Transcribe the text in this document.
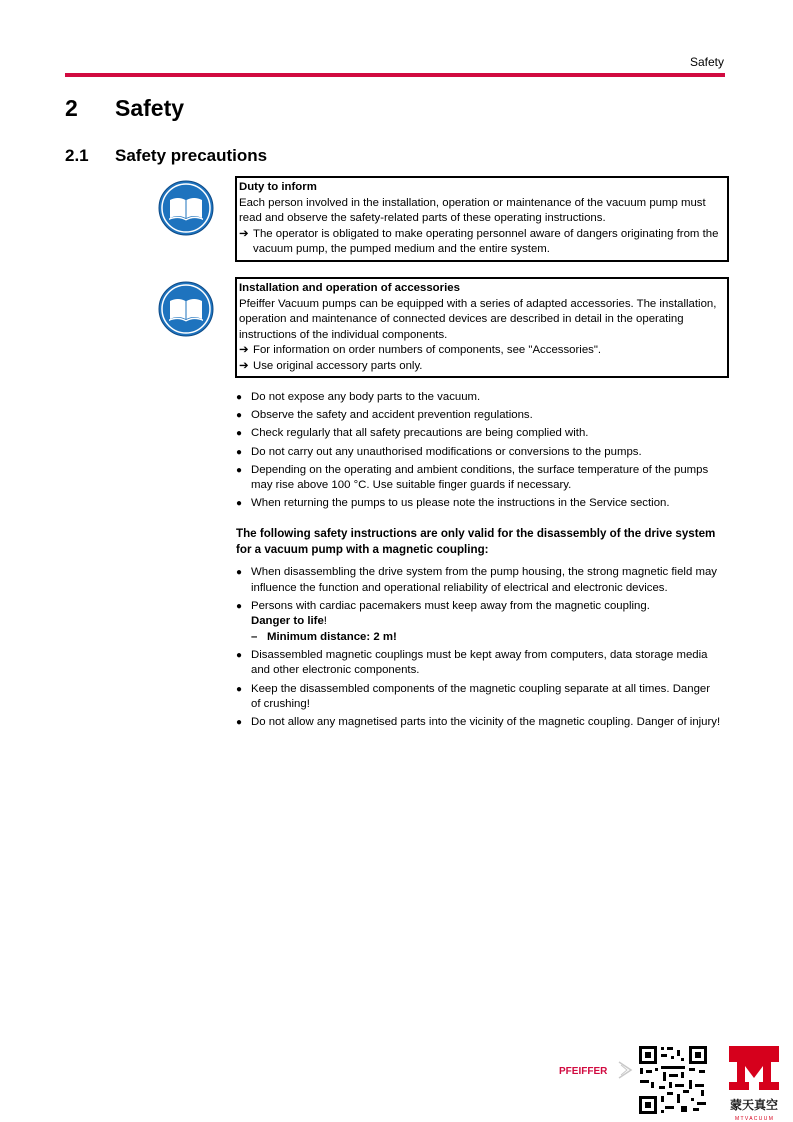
Safety
2 Safety
2.1 Safety precautions
Duty to inform
Each person involved in the installation, operation or maintenance of the vacuum pump must read and observe the safety-related parts of these operating instructions.
➔ The operator is obligated to make operating personnel aware of dangers originating from the vacuum pump, the pumped medium and the entire system.
Installation and operation of accessories
Pfeiffer Vacuum pumps can be equipped with a series of adapted accessories. The installation, operation and maintenance of connected devices are described in detail in the operating instructions of the individual components.
➔ For information on order numbers of components, see "Accessories".
➔ Use original accessory parts only.
● Do not expose any body parts to the vacuum.
● Observe the safety and accident prevention regulations.
● Check regularly that all safety precautions are being complied with.
● Do not carry out any unauthorised modifications or conversions to the pumps.
● Depending on the operating and ambient conditions, the surface temperature of the pumps may rise above 100 °C. Use suitable finger guards if necessary.
● When returning the pumps to us please note the instructions in the Service section.
The following safety instructions are only valid for the disassembly of the drive system for a vacuum pump with a magnetic coupling:
● When disassembling the drive system from the pump housing, the strong magnetic field may influence the function and operational reliability of electrical and electronic devices.
● Persons with cardiac pacemakers must keep away from the magnetic coupling.
Danger to life!
– Minimum distance: 2 m!
● Disassembled magnetic couplings must be kept away from computers, data storage media and other electronic components.
● Keep the disassembled components of the magnetic coupling separate at all times. Danger of crushing!
● Do not allow any magnetised parts into the vicinity of the magnetic coupling. Danger of injury!
PFEIFFER
蒙天真空
M T V A C U U M
